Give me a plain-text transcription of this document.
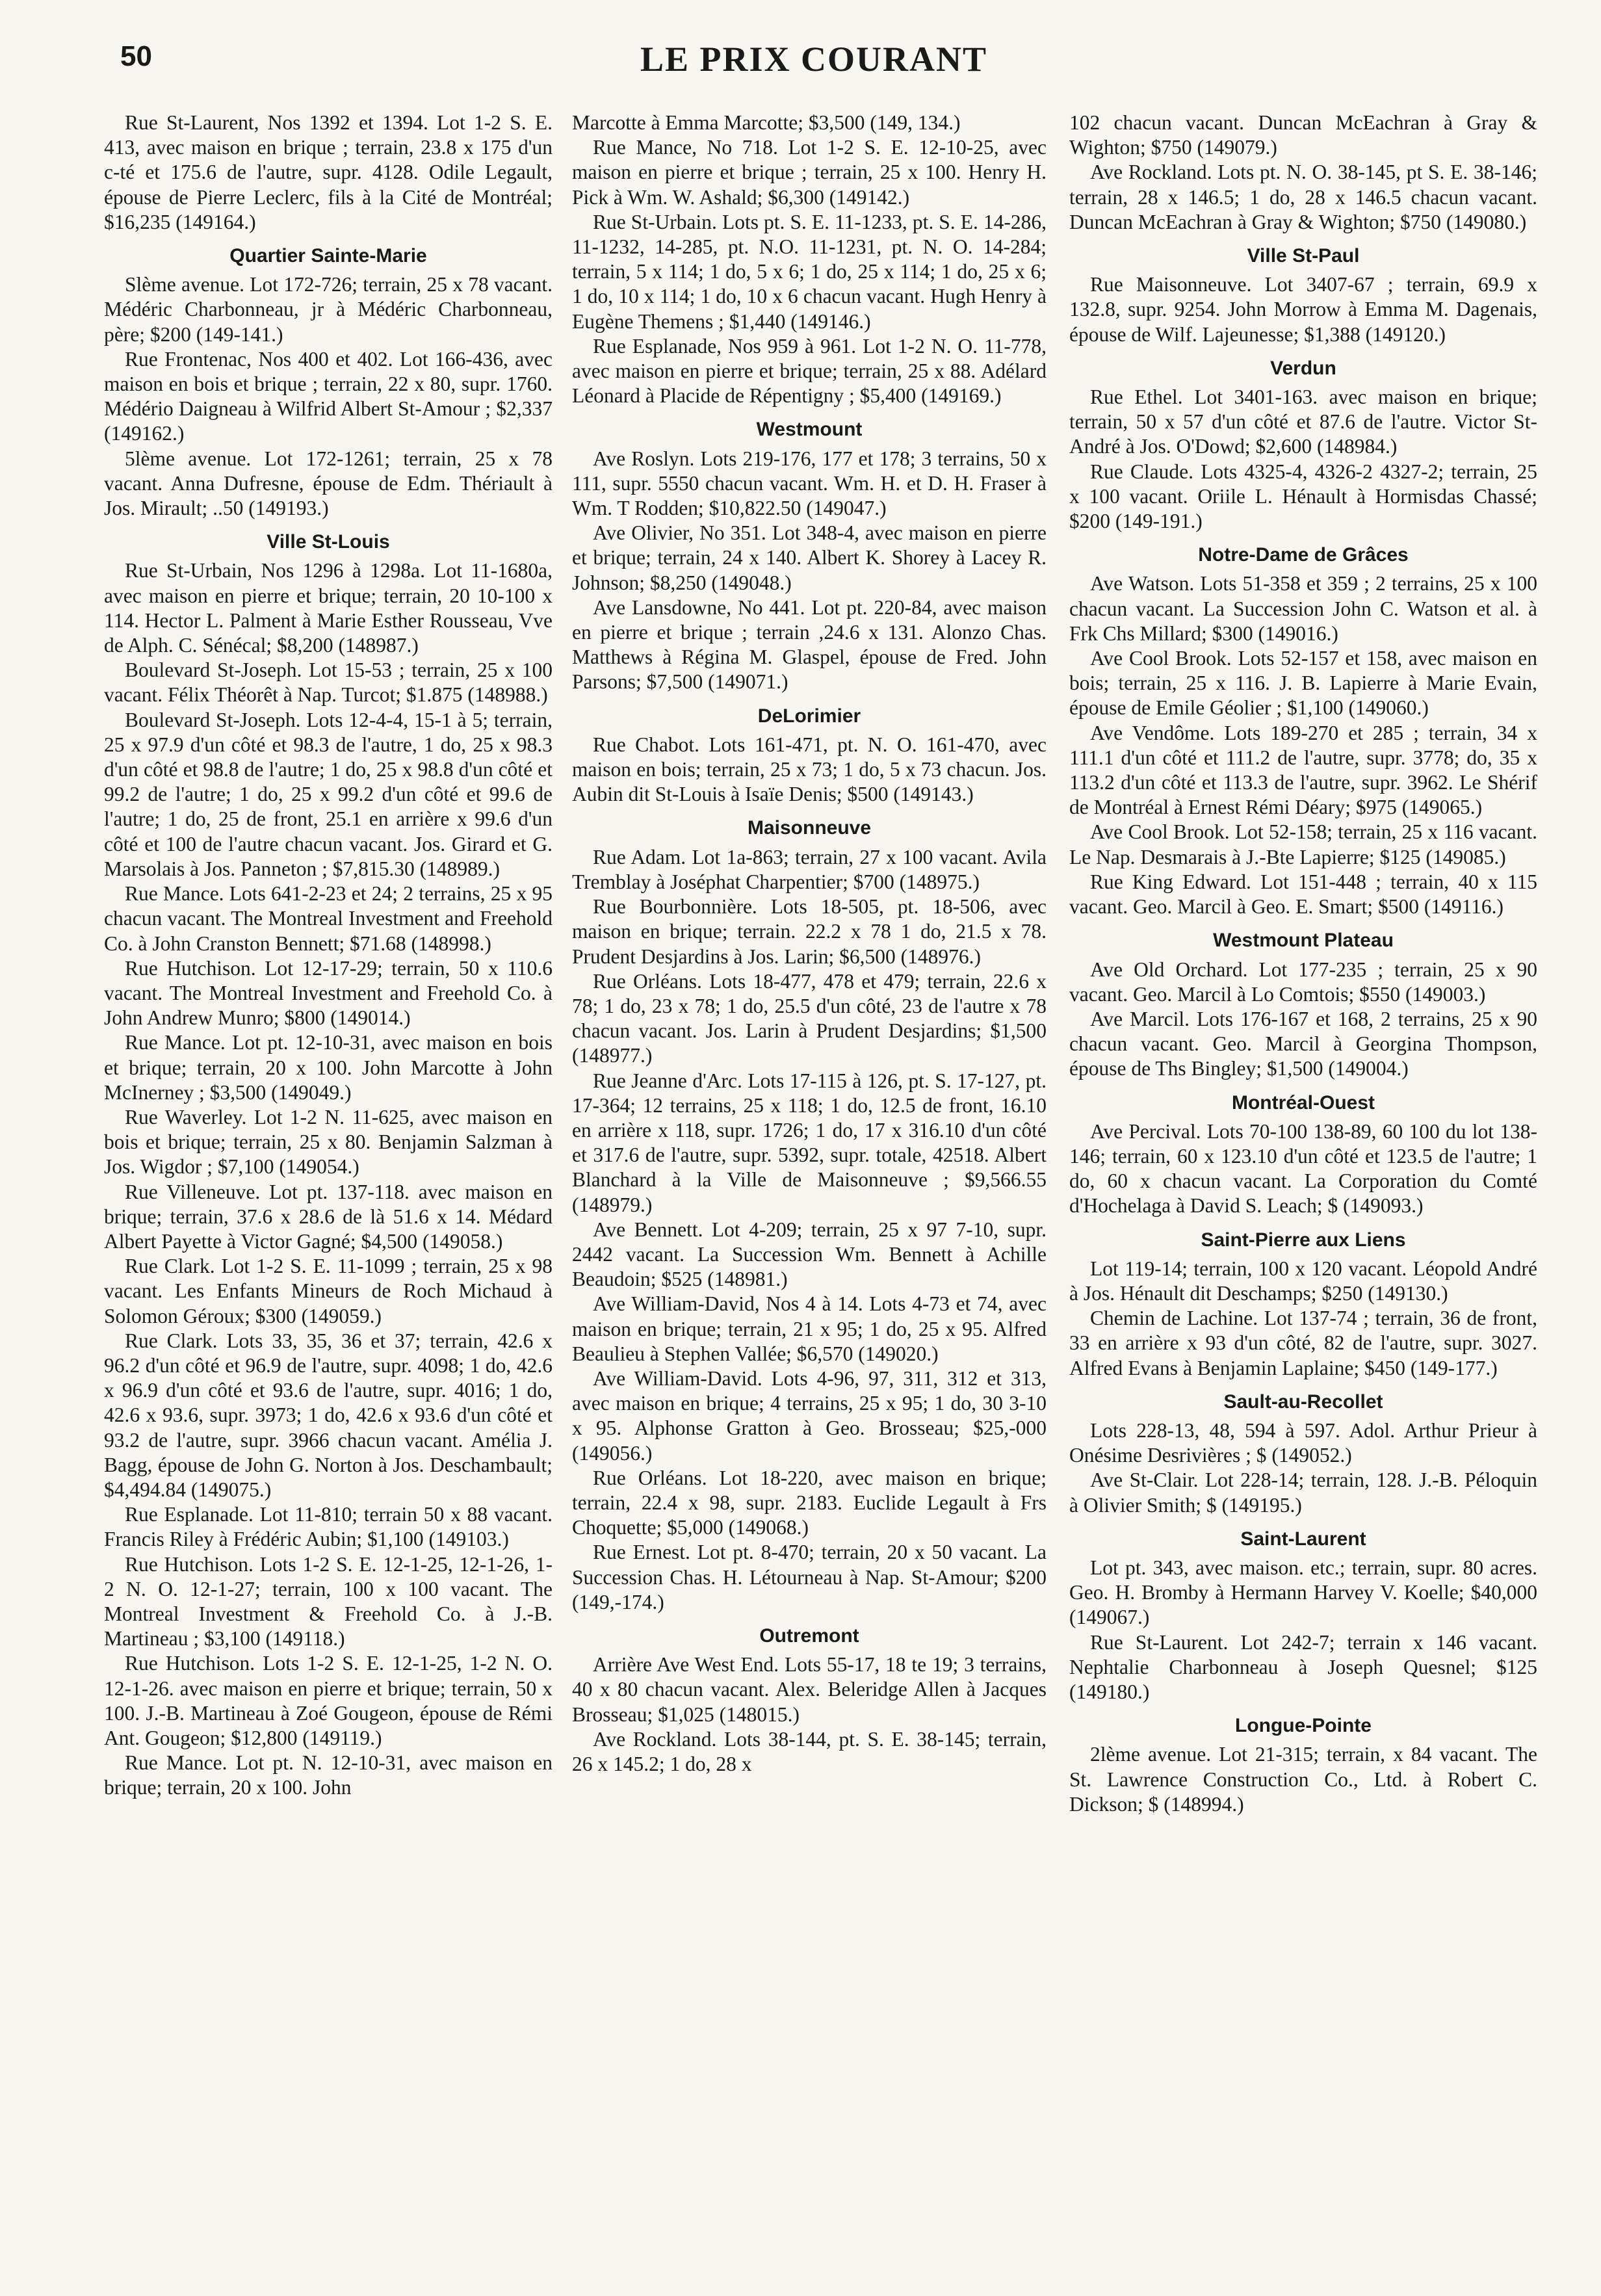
50	LE PRIX COURANT

Rue St-Laurent, Nos 1392 et 1394. Lot 1-2 S. E. 413, avec maison en brique ; terrain, 23.8 x 175 d'un c-té et 175.6 de l'autre, supr. 4128. Odile Legault, épouse de Pierre Leclerc, fils à la Cité de Montréal; $16,235 (149164.)

Quartier Sainte-Marie

Slème avenue. Lot 172-726; terrain, 25 x 78 vacant. Médéric Charbonneau, jr à Médéric Charbonneau, père; $200 (149-141.)

Rue Frontenac, Nos 400 et 402. Lot 166-436, avec maison en bois et brique ; terrain, 22 x 80, supr. 1760. Médério Daigneau à Wilfrid Albert St-Amour ; $2,337 (149162.)

5lème avenue. Lot 172-1261; terrain, 25 x 78 vacant. Anna Dufresne, épouse de Edm. Thériault à Jos. Mirault; ..50 (149193.)

Ville St-Louis

Rue St-Urbain, Nos 1296 à 1298a. Lot 11-1680a, avec maison en pierre et brique; terrain, 20 10-100 x 114. Hector L. Palment à Marie Esther Rousseau, Vve de Alph. C. Sénécal; $8,200 (148987.)

Boulevard St-Joseph. Lot 15-53 ; terrain, 25 x 100 vacant. Félix Théorêt à Nap. Turcot; $1.875 (148988.)

Boulevard St-Joseph. Lots 12-4-4, 15-1 à 5; terrain, 25 x 97.9 d'un côté et 98.3 de l'autre, 1 do, 25 x 98.3 d'un côté et 98.8 de l'autre; 1 do, 25 x 98.8 d'un côté et 99.2 de l'autre; 1 do, 25 x 99.2 d'un côté et 99.6 de l'autre; 1 do, 25 de front, 25.1 en arrière x 99.6 d'un côté et 100 de l'autre chacun vacant. Jos. Girard et G. Marsolais à Jos. Panneton ; $7,815.30 (148989.)

Rue Mance. Lots 641-2-23 et 24; 2 terrains, 25 x 95 chacun vacant. The Montreal Investment and Freehold Co. à John Cranston Bennett; $71.68 (148998.)

Rue Hutchison. Lot 12-17-29; terrain, 50 x 110.6 vacant. The Montreal Investment and Freehold Co. à John Andrew Munro; $800 (149014.)

Rue Mance. Lot pt. 12-10-31, avec maison en bois et brique; terrain, 20 x 100. John Marcotte à John McInerney ; $3,500 (149049.)

Rue Waverley. Lot 1-2 N. 11-625, avec maison en bois et brique; terrain, 25 x 80. Benjamin Salzman à Jos. Wigdor ; $7,100 (149054.)

Rue Villeneuve. Lot pt. 137-118. avec maison en brique; terrain, 37.6 x 28.6 de là 51.6 x 14. Médard Albert Payette à Victor Gagné; $4,500 (149058.)

Rue Clark. Lot 1-2 S. E. 11-1099 ; terrain, 25 x 98 vacant. Les Enfants Mineurs de Roch Michaud à Solomon Géroux; $300 (149059.)

Rue Clark. Lots 33, 35, 36 et 37; terrain, 42.6 x 96.2 d'un côté et 96.9 de l'autre, supr. 4098; 1 do, 42.6 x 96.9 d'un côté et 93.6 de l'autre, supr. 4016; 1 do, 42.6 x 93.6, supr. 3973; 1 do, 42.6 x 93.6 d'un côté et 93.2 de l'autre, supr. 3966 chacun vacant. Amélia J. Bagg, épouse de John G. Norton à Jos. Deschambault; $4,494.84 (149075.)

Rue Esplanade. Lot 11-810; terrain 50 x 88 vacant. Francis Riley à Frédéric Aubin; $1,100 (149103.)

Rue Hutchison. Lots 1-2 S. E. 12-1-25, 12-1-26, 1-2 N. O. 12-1-27; terrain, 100 x 100 vacant. The Montreal Investment & Freehold Co. à J.-B. Martineau ; $3,100 (149118.)

Rue Hutchison. Lots 1-2 S. E. 12-1-25, 1-2 N. O. 12-1-26. avec maison en pierre et brique; terrain, 50 x 100. J.-B. Martineau à Zoé Gougeon, épouse de Rémi Ant. Gougeon; $12,800 (149119.)

Rue Mance. Lot pt. N. 12-10-31, avec maison en brique; terrain, 20 x 100. John

Marcotte à Emma Marcotte; $3,500 (149, 134.)

Rue Mance, No 718. Lot 1-2 S. E. 12-10-25, avec maison en pierre et brique ; terrain, 25 x 100. Henry H. Pick à Wm. W. Ashald; $6,300 (149142.)

Rue St-Urbain. Lots pt. S. E. 11-1233, pt. S. E. 14-286, 11-1232, 14-285, pt. N.O. 11-1231, pt. N. O. 14-284; terrain, 5 x 114; 1 do, 5 x 6; 1 do, 25 x 114; 1 do, 25 x 6; 1 do, 10 x 114; 1 do, 10 x 6 chacun vacant. Hugh Henry à Eugène Themens ; $1,440 (149146.)

Rue Esplanade, Nos 959 à 961. Lot 1-2 N. O. 11-778, avec maison en pierre et brique; terrain, 25 x 88. Adélard Léonard à Placide de Répentigny ; $5,400 (149169.)

Westmount

Ave Roslyn. Lots 219-176, 177 et 178; 3 terrains, 50 x 111, supr. 5550 chacun vacant. Wm. H. et D. H. Fraser à Wm. T Rodden; $10,822.50 (149047.)

Ave Olivier, No 351. Lot 348-4, avec maison en pierre et brique; terrain, 24 x 140. Albert K. Shorey à Lacey R. Johnson; $8,250 (149048.)

Ave Lansdowne, No 441. Lot pt. 220-84, avec maison en pierre et brique ; terrain ,24.6 x 131. Alonzo Chas. Matthews à Régina M. Glaspel, épouse de Fred. John Parsons; $7,500 (149071.)

DeLorimier

Rue Chabot. Lots 161-471, pt. N. O. 161-470, avec maison en bois; terrain, 25 x 73; 1 do, 5 x 73 chacun. Jos. Aubin dit St-Louis à Isaïe Denis; $500 (149143.)

Maisonneuve

Rue Adam. Lot 1a-863; terrain, 27 x 100 vacant. Avila Tremblay à Joséphat Charpentier; $700 (148975.)

Rue Bourbonnière. Lots 18-505, pt. 18-506, avec maison en brique; terrain. 22.2 x 78 1 do, 21.5 x 78. Prudent Desjardins à Jos. Larin; $6,500 (148976.)

Rue Orléans. Lots 18-477, 478 et 479; terrain, 22.6 x 78; 1 do, 23 x 78; 1 do, 25.5 d'un côté, 23 de l'autre x 78 chacun vacant. Jos. Larin à Prudent Desjardins; $1,500 (148977.)

Rue Jeanne d'Arc. Lots 17-115 à 126, pt. S. 17-127, pt. 17-364; 12 terrains, 25 x 118; 1 do, 12.5 de front, 16.10 en arrière x 118, supr. 1726; 1 do, 17 x 316.10 d'un côté et 317.6 de l'autre, supr. 5392, supr. totale, 42518. Albert Blanchard à la Ville de Maisonneuve ; $9,566.55 (148979.)

Ave Bennett. Lot 4-209; terrain, 25 x 97 7-10, supr. 2442 vacant. La Succession Wm. Bennett à Achille Beaudoin; $525 (148981.)

Ave William-David, Nos 4 à 14. Lots 4-73 et 74, avec maison en brique; terrain, 21 x 95; 1 do, 25 x 95. Alfred Beaulieu à Stephen Vallée; $6,570 (149020.)

Ave William-David. Lots 4-96, 97, 311, 312 et 313, avec maison en brique; 4 terrains, 25 x 95; 1 do, 30 3-10 x 95. Alphonse Gratton à Geo. Brosseau; $25,-000 (149056.)

Rue Orléans. Lot 18-220, avec maison en brique; terrain, 22.4 x 98, supr. 2183. Euclide Legault à Frs Choquette; $5,000 (149068.)

Rue Ernest. Lot pt. 8-470; terrain, 20 x 50 vacant. La Succession Chas. H. Létourneau à Nap. St-Amour; $200 (149,-174.)

Outremont

Arrière Ave West End. Lots 55-17, 18 te 19; 3 terrains, 40 x 80 chacun vacant. Alex. Beleridge Allen à Jacques Brosseau; $1,025 (148015.)

Ave Rockland. Lots 38-144, pt. S. E. 38-145; terrain, 26 x 145.2; 1 do, 28 x

102 chacun vacant. Duncan McEachran à Gray & Wighton; $750 (149079.)

Ave Rockland. Lots pt. N. O. 38-145, pt S. E. 38-146; terrain, 28 x 146.5; 1 do, 28 x 146.5 chacun vacant. Duncan McEachran à Gray & Wighton; $750 (149080.)

Ville St-Paul

Rue Maisonneuve. Lot 3407-67 ; terrain, 69.9 x 132.8, supr. 9254. John Morrow à Emma M. Dagenais, épouse de Wilf. Lajeunesse; $1,388 (149120.)

Verdun

Rue Ethel. Lot 3401-163. avec maison en brique; terrain, 50 x 57 d'un côté et 87.6 de l'autre. Victor St-André à Jos. O'Dowd; $2,600 (148984.)

Rue Claude. Lots 4325-4, 4326-2 4327-2; terrain, 25 x 100 vacant. Oriile L. Hénault à Hormisdas Chassé; $200 (149-191.)

Notre-Dame de Grâces

Ave Watson. Lots 51-358 et 359 ; 2 terrains, 25 x 100 chacun vacant. La Succession John C. Watson et al. à Frk Chs Millard; $300 (149016.)

Ave Cool Brook. Lots 52-157 et 158, avec maison en bois; terrain, 25 x 116. J. B. Lapierre à Marie Evain, épouse de Emile Géolier ; $1,100 (149060.)

Ave Vendôme. Lots 189-270 et 285 ; terrain, 34 x 111.1 d'un côté et 111.2 de l'autre, supr. 3778; do, 35 x 113.2 d'un côté et 113.3 de l'autre, supr. 3962. Le Shérif de Montréal à Ernest Rémi Déary; $975 (149065.)

Ave Cool Brook. Lot 52-158; terrain, 25 x 116 vacant. Le Nap. Desmarais à J.-Bte Lapierre; $125 (149085.)

Rue King Edward. Lot 151-448 ; terrain, 40 x 115 vacant. Geo. Marcil à Geo. E. Smart; $500 (149116.)

Westmount Plateau

Ave Old Orchard. Lot 177-235 ; terrain, 25 x 90 vacant. Geo. Marcil à Lo Comtois; $550 (149003.)

Ave Marcil. Lots 176-167 et 168, 2 terrains, 25 x 90 chacun vacant. Geo. Marcil à Georgina Thompson, épouse de Ths Bingley; $1,500 (149004.)

Montréal-Ouest

Ave Percival. Lots 70-100 138-89, 60 100 du lot 138-146; terrain, 60 x 123.10 d'un côté et 123.5 de l'autre; 1 do, 60 x chacun vacant. La Corporation du Comté d'Hochelaga à David S. Leach; $ (149093.)

Saint-Pierre aux Liens

Lot 119-14; terrain, 100 x 120 vacant. Léopold André à Jos. Hénault dit Deschamps; $250 (149130.)

Chemin de Lachine. Lot 137-74 ; terrain, 36 de front, 33 en arrière x 93 d'un côté, 82 de l'autre, supr. 3027. Alfred Evans à Benjamin Laplaine; $450 (149-177.)

Sault-au-Recollet

Lots 228-13, 48, 594 à 597. Adol. Arthur Prieur à Onésime Desrivières ; $ (149052.)

Ave St-Clair. Lot 228-14; terrain, 128. J.-B. Péloquin à Olivier Smith; $ (149195.)

Saint-Laurent

Lot pt. 343, avec maison. etc.; terrain, supr. 80 acres. Geo. H. Bromby à Hermann Harvey V. Koelle; $40,000 (149067.)

Rue St-Laurent. Lot 242-7; terrain x 146 vacant. Nephtalie Charbonneau à Joseph Quesnel; $125 (149180.)

Longue-Pointe

2lème avenue. Lot 21-315; terrain, x 84 vacant. The St. Lawrence Construction Co., Ltd. à Robert C. Dickson; $ (148994.)
